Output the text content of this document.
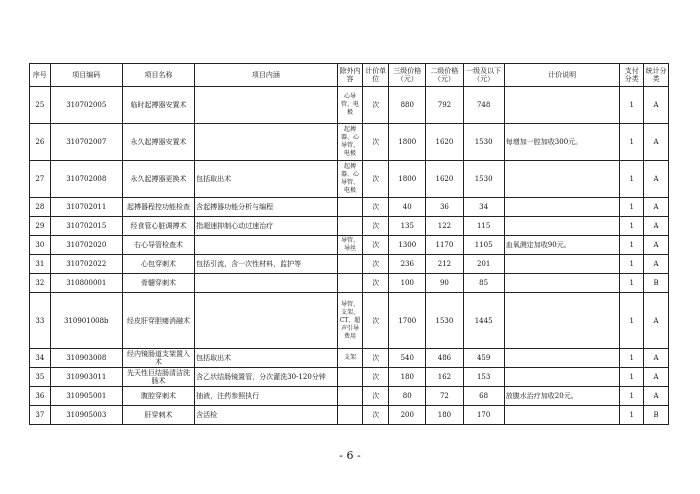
序号	项目编码	项目名称	项目内涵	除外内容	计价单位	三级价格（元）	二级价格（元）	一级及以下（元）	计价说明	支付分类	统计分类
25	310702005	临时起搏器安置术		心导管、电极	次	880	792	748		1	A
26	310702007	永久起搏器安置术		起搏器、心导管、电极	次	1800	1620	1530	每增加一腔加收300元。	1	A
27	310702008	永久起搏器更换术	包括取出术	起搏器、心导管、电极	次	1800	1620	1530		1	A
28	310702011	起搏器程控功能检查	含起搏器功能分析与编程		次	40	36	34		1	A
29	310702015	经食管心脏调搏术	指超速抑制心动过速治疗		次	135	122	115		1	A
30	310702020	右心导管检查术		导管、导丝	次	1300	1170	1105	血氧测定加收90元。	1	A
31	310702022	心包穿刺术	包括引流，含一次性材料，监护等		次	236	212	201		1	A
32	310800001	骨髓穿刺术			次	100	90	85		1	B
33	310901008b	经皮肝穿胆瘘消融术		导管、支架、CT、超声引导费用	次	1700	1530	1445		1	A
34	310903008	经内镜肠道支架置入术	包括取出术	支架	次	540	486	459		1	A
35	310903011	先天性巨结肠清洁洗肠术	含乙状结肠镜置管，分次灌洗30-120分钟		次	180	162	153		1	A
36	310905001	腹腔穿刺术	抽液，注药参照执行		次	80	72	68	放腹水治疗加收20元。	1	A
37	310905003	肝穿刺术	含活检		次	200	180	170		1	B
- 6 -
